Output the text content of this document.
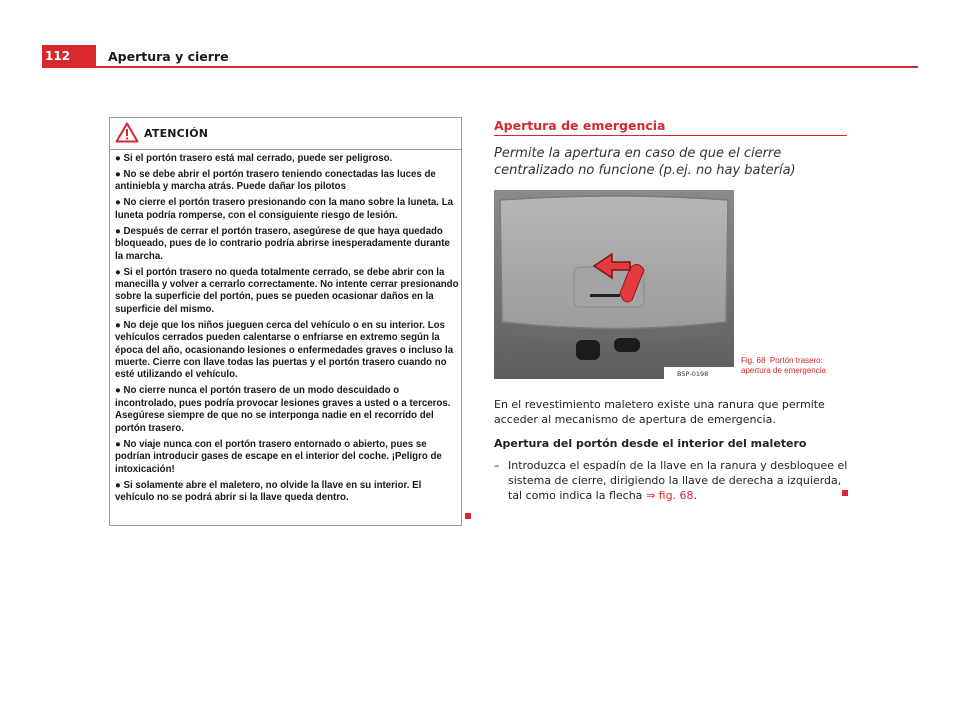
112	Apertura y cierre
ATENCIÓN
● Si el portón trasero está mal cerrado, puede ser peligroso.
● No se debe abrir el portón trasero teniendo conectadas las luces de antiniebla y marcha atrás. Puede dañar los pilotos
● No cierre el portón trasero presionando con la mano sobre la luneta. La luneta podría romperse, con el consiguiente riesgo de lesión.
● Después de cerrar el portón trasero, asegúrese de que haya quedado bloqueado, pues de lo contrario podría abrirse inesperadamente durante la marcha.
● Si el portón trasero no queda totalmente cerrado, se debe abrir con la manecilla y volver a cerrarlo correctamente. No intente cerrar presionando sobre la superficie del portón, pues se pueden ocasionar daños en la superficie del mismo.
● No deje que los niños jueguen cerca del vehículo o en su interior. Los vehículos cerrados pueden calentarse o enfriarse en extremo según la época del año, ocasionando lesiones o enfermedades graves o incluso la muerte. Cierre con llave todas las puertas y el portón trasero cuando no esté utilizando el vehículo.
● No cierre nunca el portón trasero de un modo descuidado o incontrolado, pues podría provocar lesiones graves a usted o a terceros. Asegúrese siempre de que no se interponga nadie en el recorrido del portón trasero.
● No viaje nunca con el portón trasero entornado o abierto, pues se podrían introducir gases de escape en el interior del coche. ¡Peligro de intoxicación!
● Si solamente abre el maletero, no olvide la llave en su interior. El vehículo no se podrá abrir si la llave queda dentro.
Apertura de emergencia
Permite la apertura en caso de que el cierre centralizado no funcione (p.ej. no hay batería)
B5P-0198
Fig. 68 Portón trasero: apertura de emergencia
En el revestimiento maletero existe una ranura que permite acceder al mecanismo de apertura de emergencia.
Apertura del portón desde el interior del maletero
– Introduzca el espadín de la llave en la ranura y desbloquee el sistema de cierre, dirigiendo la llave de derecha a izquierda, tal como indica la flecha ⇒ fig. 68.
